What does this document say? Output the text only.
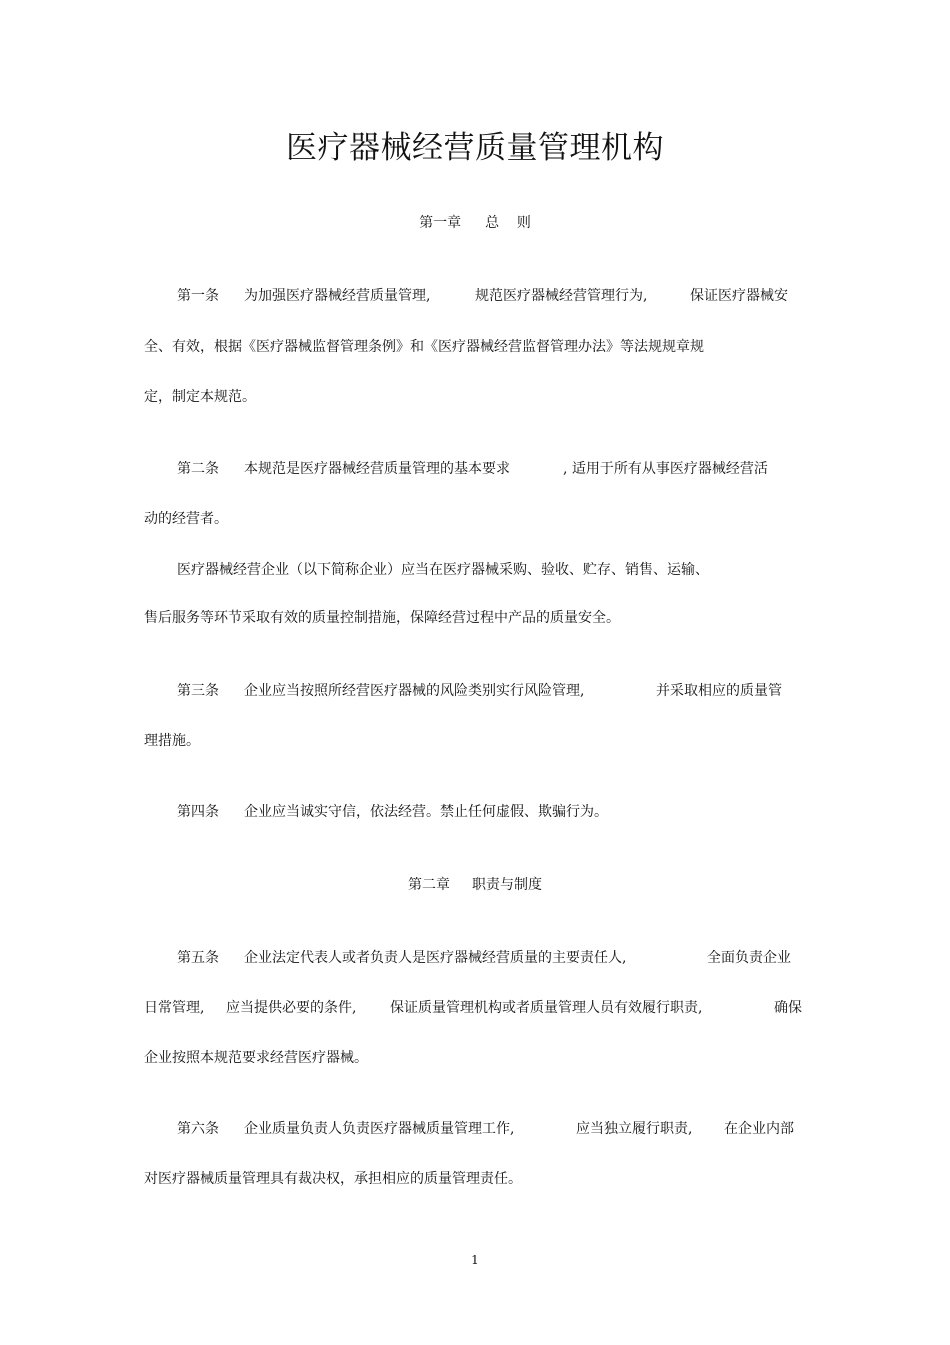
医疗器械经营质量管理机构
第一章 总    则
第一条 为加强医疗器械经营质量管理,	规范医疗器械经营管理行为,	保证医疗器械安
全、有效，根据《医疗器械监督管理条例》和《医疗器械经营监督管理办法》等法规规章规
定，制定本规范。
第二条 本规范是医疗器械经营质量管理的基本要求	, 适用于所有从事医疗器械经营活
动的经营者。
医疗器械经营企业（以下简称企业）应当在医疗器械采购、验收、贮存、销售、运输、
售后服务等环节采取有效的质量控制措施，保障经营过程中产品的质量安全。
第三条 企业应当按照所经营医疗器械的风险类别实行风险管理,	并采取相应的质量管
理措施。
第四条 企业应当诚实守信，依法经营。禁止任何虚假、欺骗行为。
第二章 职责与制度
第五条 企业法定代表人或者负责人是医疗器械经营质量的主要责任人,	全面负责企业
日常管理, 应当提供必要的条件, 保证质量管理机构或者质量管理人员有效履行职责,	确保
企业按照本规范要求经营医疗器械。
第六条 企业质量负责人负责医疗器械质量管理工作,	应当独立履行职责, 在企业内部
对医疗器械质量管理具有裁决权，承担相应的质量管理责任。
1
